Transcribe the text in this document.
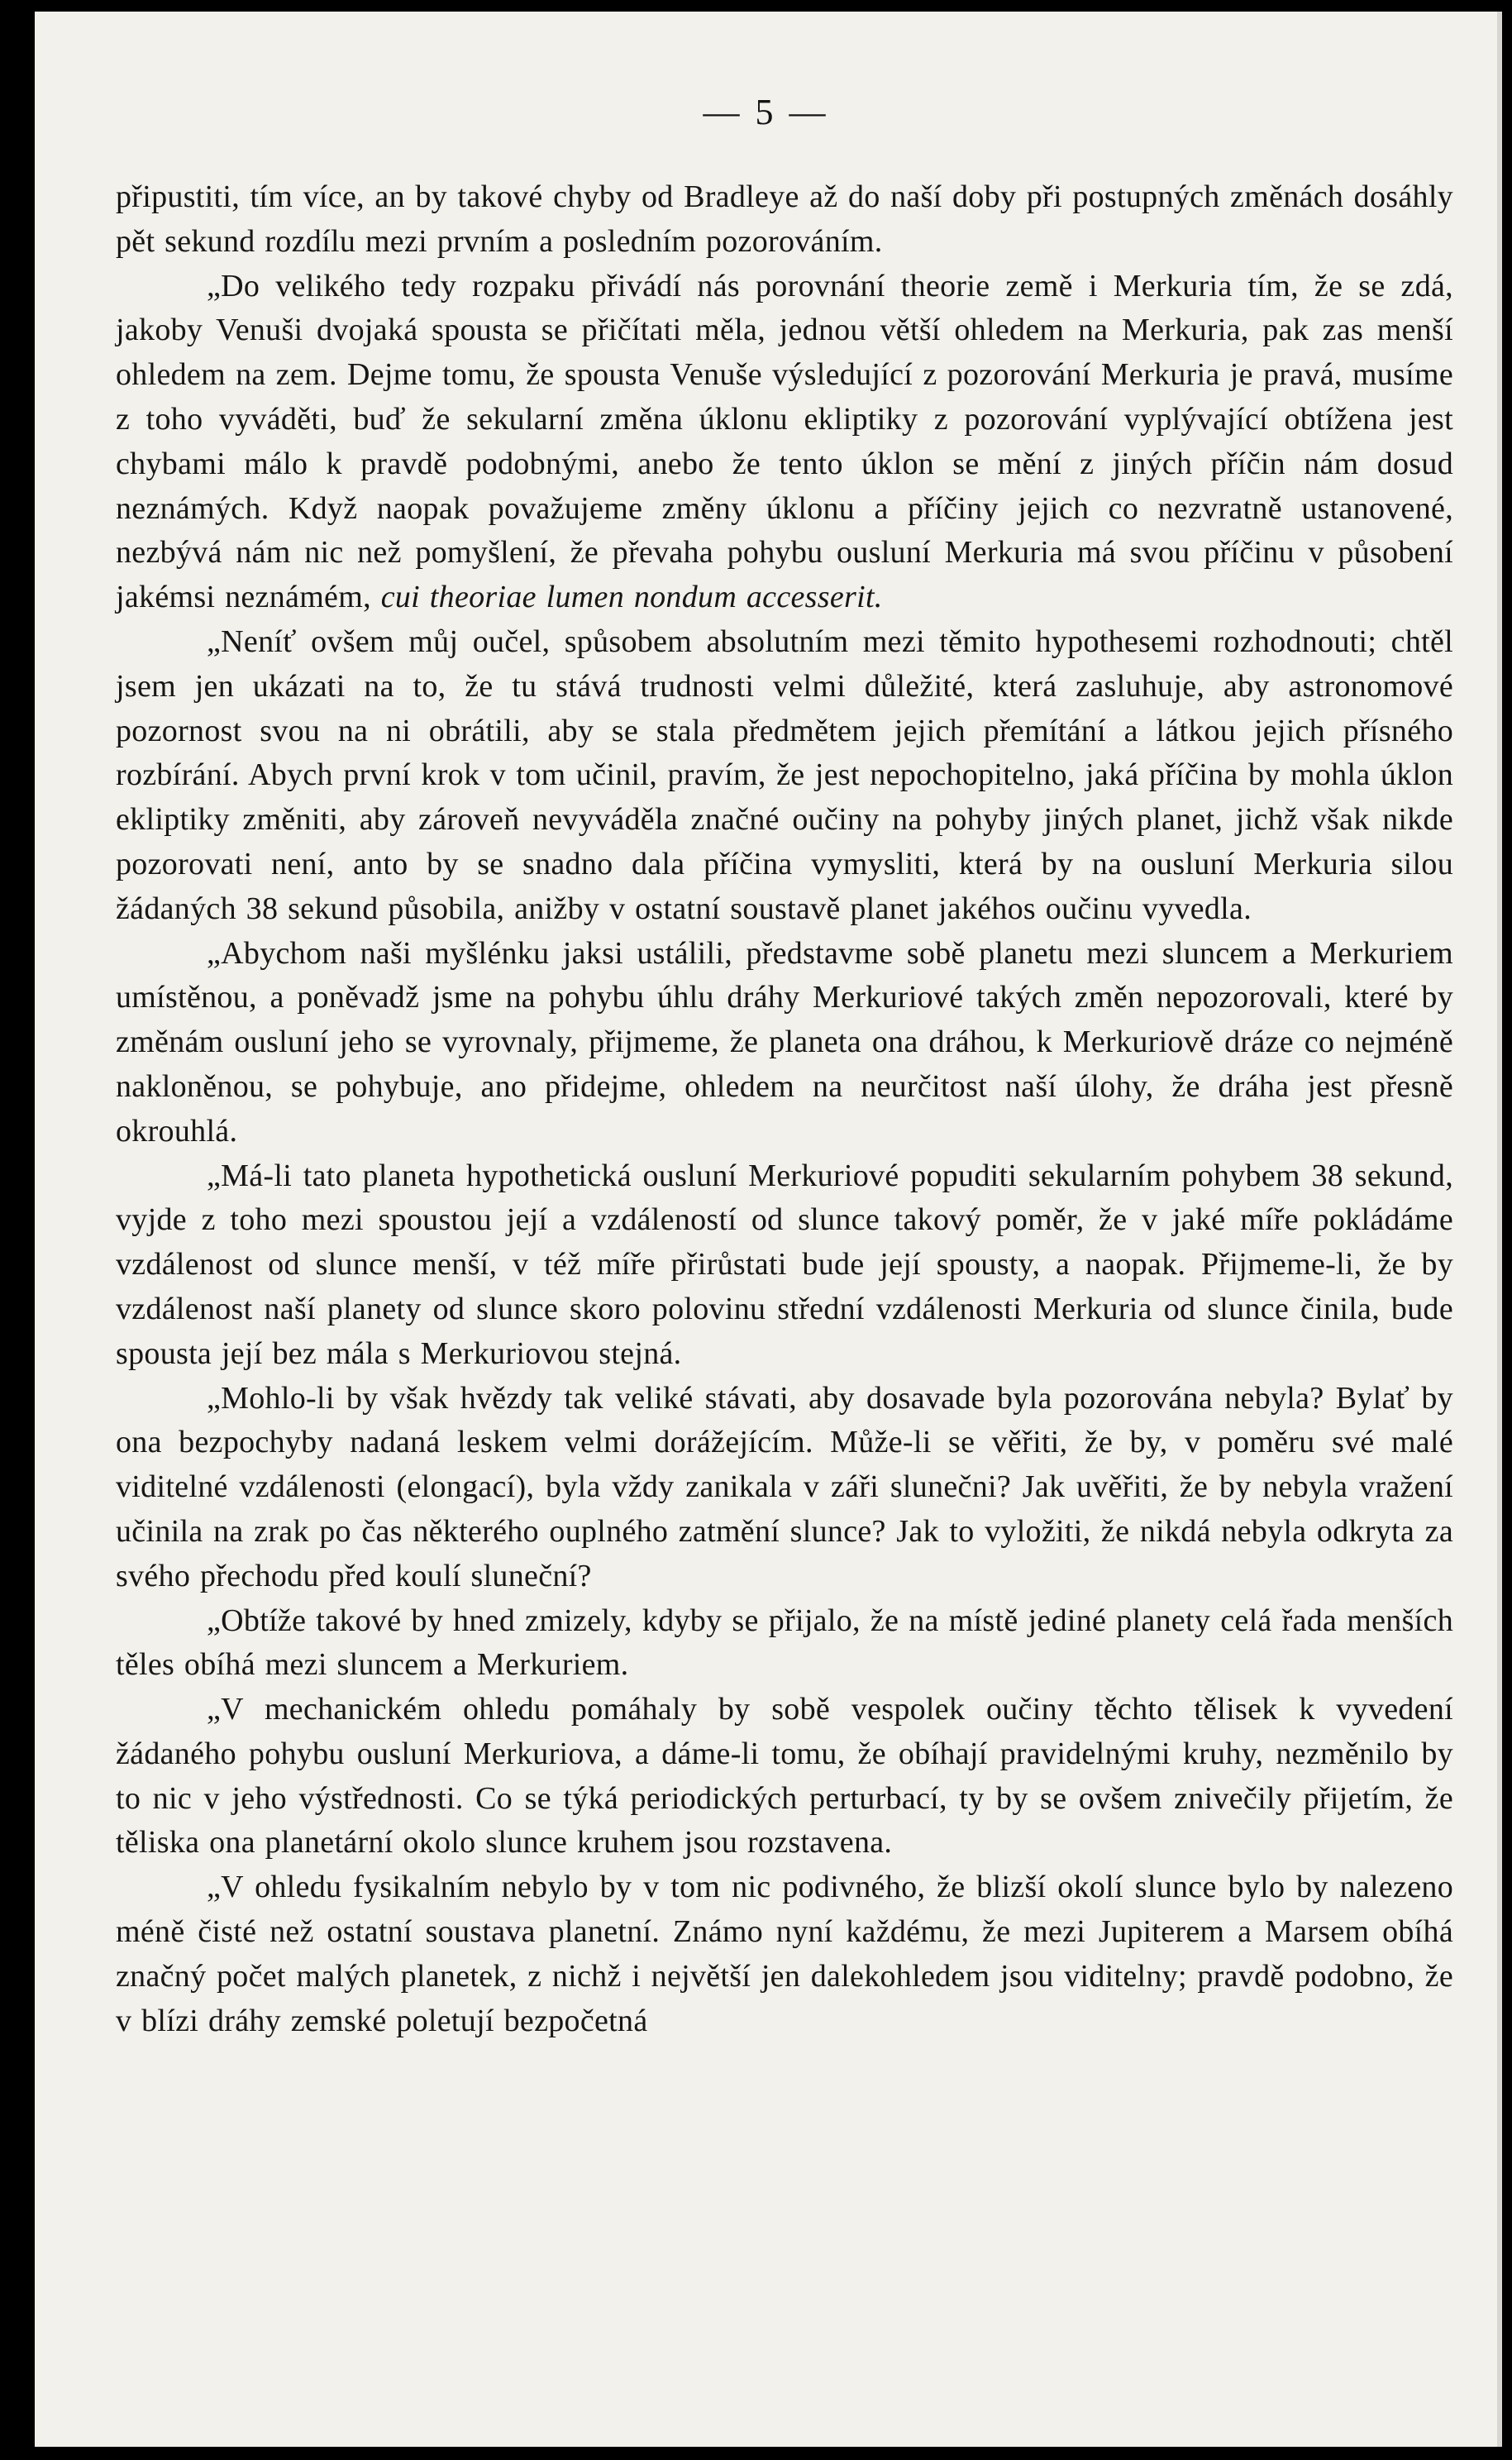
— 5 —

připustiti, tím více, an by takové chyby od Bradleye až do naší doby při postupných změnách dosáhly pět sekund rozdílu mezi prvním a posledním pozorováním.

„Do velikého tedy rozpaku přivádí nás porovnání theorie země i Merkuria tím, že se zdá, jakoby Venuši dvojaká spousta se přičítati měla, jednou větší ohledem na Merkuria, pak zas menší ohledem na zem. Dejme tomu, že spousta Venuše výsledující z pozorování Merkuria je pravá, musíme z toho vyváděti, buď že sekularní změna úklonu ekliptiky z pozorování vyplývající obtížena jest chybami málo k pravdě podobnými, anebo že tento úklon se mění z jiných příčin nám dosud neznámých. Když naopak považujeme změny úklonu a příčiny jejich co nezvratně ustanovené, nezbývá nám nic než pomyšlení, že převaha pohybu ousluní Merkuria má svou příčinu v působení jakémsi neznámém, cui theoriae lumen nondum accesserit.

„Neníť ovšem můj oučel, spůsobem absolutním mezi těmito hypothesemi rozhodnouti; chtěl jsem jen ukázati na to, že tu stává trudnosti velmi důležité, která zasluhuje, aby astronomové pozornost svou na ni obrátili, aby se stala předmětem jejich přemítání a látkou jejich přísného rozbírání. Abych první krok v tom učinil, pravím, že jest nepochopitelno, jaká příčina by mohla úklon ekliptiky změniti, aby zároveň nevyváděla značné oučiny na pohyby jiných planet, jichž však nikde pozorovati není, anto by se snadno dala příčina vymysliti, která by na ousluní Merkuria silou žádaných 38 sekund působila, anižby v ostatní soustavě planet jakéhos oučinu vyvedla.

„Abychom naši myšlénku jaksi ustálili, představme sobě planetu mezi sluncem a Merkuriem umístěnou, a poněvadž jsme na pohybu úhlu dráhy Merkuriové takých změn nepozorovali, které by změnám ousluní jeho se vyrovnaly, přijmeme, že planeta ona dráhou, k Merkuriově dráze co nejméně nakloněnou, se pohybuje, ano přidejme, ohledem na neurčitost naší úlohy, že dráha jest přesně okrouhlá.

„Má-li tato planeta hypothetická ousluní Merkuriové popuditi sekularním pohybem 38 sekund, vyjde z toho mezi spoustou její a vzdáleností od slunce takový poměr, že v jaké míře pokládáme vzdálenost od slunce menší, v též míře přirůstati bude její spousty, a naopak. Přijmeme-li, že by vzdálenost naší planety od slunce skoro polovinu střední vzdálenosti Merkuria od slunce činila, bude spousta její bez mála s Merkuriovou stejná.

„Mohlo-li by však hvězdy tak veliké stávati, aby dosavade byla pozorována nebyla? Bylať by ona bezpochyby nadaná leskem velmi dorážejícím. Může-li se věřiti, že by, v poměru své malé viditelné vzdálenosti (elongací), byla vždy zanikala v záři slunečni? Jak uvěřiti, že by nebyla vražení učinila na zrak po čas některého ouplného zatmění slunce? Jak to vyložiti, že nikdá nebyla odkryta za svého přechodu před koulí sluneční?

„Obtíže takové by hned zmizely, kdyby se přijalo, že na místě jediné planety celá řada menších těles obíhá mezi sluncem a Merkuriem.

„V mechanickém ohledu pomáhaly by sobě vespolek oučiny těchto tělisek k vyvedení žádaného pohybu ousluní Merkuriova, a dáme-li tomu, že obíhají pravidelnými kruhy, nezměnilo by to nic v jeho výstřednosti. Co se týká periodických perturbací, ty by se ovšem znivečily přijetím, že těliska ona planetární okolo slunce kruhem jsou rozstavena.

„V ohledu fysikalním nebylo by v tom nic podivného, že blizší okolí slunce bylo by nalezeno méně čisté než ostatní soustava planetní. Známo nyní každému, že mezi Jupiterem a Marsem obíhá značný počet malých planetek, z nichž i největší jen dalekohledem jsou viditelny; pravdě podobno, že v blízi dráhy zemské poletují bezpočetná
